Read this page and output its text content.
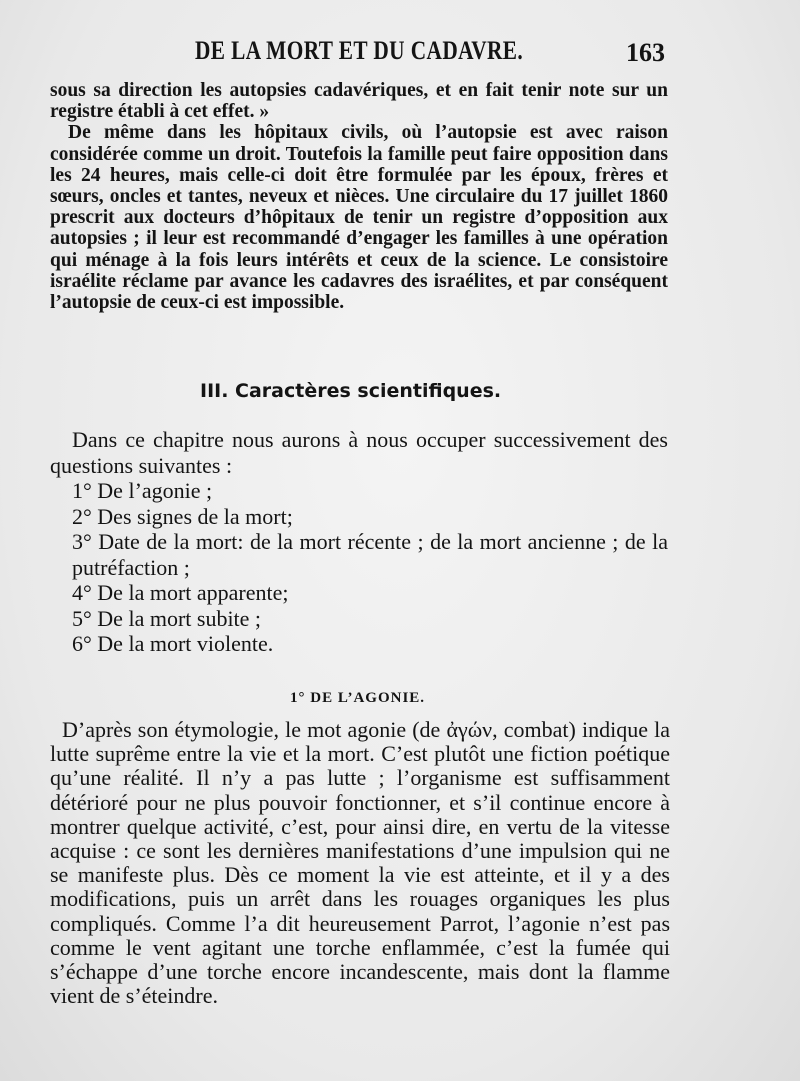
DE LA MORT ET DU CADAVRE.	163

sous sa direction les autopsies cadavériques, et en fait tenir note sur un registre établi à cet effet. »

De même dans les hôpitaux civils, où l’autopsie est avec raison considérée comme un droit. Toutefois la famille peut faire opposition dans les 24 heures, mais celle-ci doit être formulée par les époux, frères et sœurs, oncles et tantes, neveux et nièces. Une circulaire du 17 juillet 1860 prescrit aux docteurs d’hôpitaux de tenir un registre d’opposition aux autopsies ; il leur est recommandé d’engager les familles à une opération qui ménage à la fois leurs intérêts et ceux de la science. Le consistoire israélite réclame par avance les cadavres des israélites, et par conséquent l’autopsie de ceux-ci est impossible.

III. Caractères scientifiques.

Dans ce chapitre nous aurons à nous occuper successivement des questions suivantes :

1° De l’agonie ;
2° Des signes de la mort;
3° Date de la mort: de la mort récente ; de la mort ancienne ; de la putréfaction ;
4° De la mort apparente;
5° De la mort subite ;
6° De la mort violente.
1° DE L’AGONIE.

D’après son étymologie, le mot agonie (de ἀγών, combat) indique la lutte suprême entre la vie et la mort. C’est plutôt une fiction poétique qu’une réalité. Il n’y a pas lutte ; l’organisme est suffisamment détérioré pour ne plus pouvoir fonctionner, et s’il continue encore à montrer quelque activité, c’est, pour ainsi dire, en vertu de la vitesse acquise : ce sont les dernières manifestations d’une impulsion qui ne se manifeste plus. Dès ce moment la vie est atteinte, et il y a des modifications, puis un arrêt dans les rouages organiques les plus compliqués. Comme l’a dit heureusement Parrot, l’agonie n’est pas comme le vent agitant une torche enflammée, c’est la fumée qui s’échappe d’une torche encore incandescente, mais dont la flamme vient de s’éteindre.
